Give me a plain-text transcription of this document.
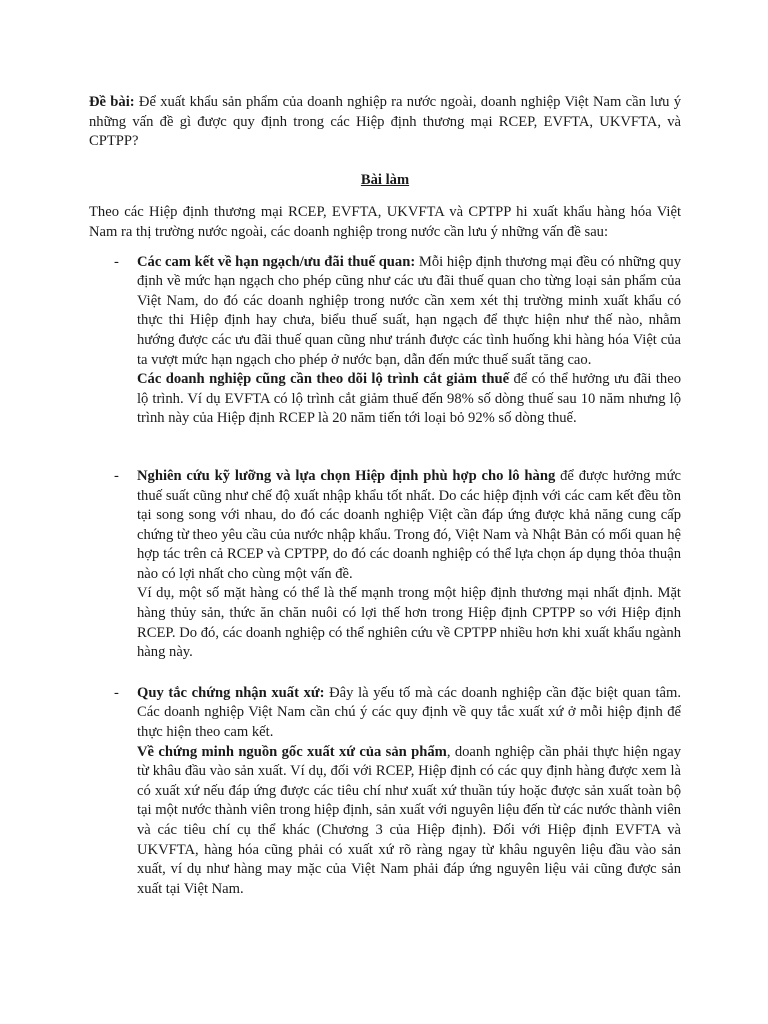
Đề bài: Để xuất khẩu sản phẩm của doanh nghiệp ra nước ngoài, doanh nghiệp Việt Nam cần lưu ý những vấn đề gì được quy định trong các Hiệp định thương mại RCEP, EVFTA, UKVFTA, và CPTPP?

Bài làm

Theo các Hiệp định thương mại RCEP, EVFTA, UKVFTA và CPTPP hi xuất khẩu hàng hóa Việt Nam ra thị trường nước ngoài, các doanh nghiệp trong nước cần lưu ý những vấn đề sau:

- Các cam kết về hạn ngạch/ưu đãi thuế quan: Mỗi hiệp định thương mại đều có những quy định về mức hạn ngạch cho phép cũng như các ưu đãi thuế quan cho từng loại sản phẩm của Việt Nam, do đó các doanh nghiệp trong nước cần xem xét thị trường minh xuất khẩu có thực thi Hiệp định hay chưa, biểu thuế suất, hạn ngạch để thực hiện như thế nào, nhằm hướng được các ưu đãi thuế quan cũng như tránh được các tình huống khi hàng hóa Việt của ta vượt mức hạn ngạch cho phép ở nước bạn, dẫn đến mức thuế suất tăng cao.

Các doanh nghiệp cũng cần theo dõi lộ trình cắt giảm thuế để có thể hưởng ưu đãi theo lộ trình. Ví dụ EVFTA có lộ trình cắt giảm thuế đến 98% số dòng thuế sau 10 năm nhưng lộ trình này của Hiệp định RCEP là 20 năm tiến tới loại bỏ 92% số dòng thuế.

- Nghiên cứu kỹ lưỡng và lựa chọn Hiệp định phù hợp cho lô hàng để được hưởng mức thuế suất cũng như chế độ xuất nhập khẩu tốt nhất. Do các hiệp định với các cam kết đều tồn tại song song với nhau, do đó các doanh nghiệp Việt cần đáp ứng được khả năng cung cấp chứng từ theo yêu cầu của nước nhập khẩu. Trong đó, Việt Nam và Nhật Bản có mối quan hệ hợp tác trên cả RCEP và CPTPP, do đó các doanh nghiệp có thể lựa chọn áp dụng thỏa thuận nào có lợi nhất cho cùng một vấn đề.

Ví dụ, một số mặt hàng có thể là thế mạnh trong một hiệp định thương mại nhất định. Mặt hàng thủy sản, thức ăn chăn nuôi có lợi thế hơn trong Hiệp định CPTPP so với Hiệp định RCEP. Do đó, các doanh nghiệp có thể nghiên cứu về CPTPP nhiều hơn khi xuất khẩu ngành hàng này.

- Quy tắc chứng nhận xuất xứ: Đây là yếu tố mà các doanh nghiệp cần đặc biệt quan tâm. Các doanh nghiệp Việt Nam cần chú ý các quy định về quy tắc xuất xứ ở mỗi hiệp định để thực hiện theo cam kết.

Về chứng minh nguồn gốc xuất xứ của sản phẩm, doanh nghiệp cần phải thực hiện ngay từ khâu đầu vào sản xuất. Ví dụ, đối với RCEP, Hiệp định có các quy định hàng được xem là có xuất xứ nếu đáp ứng được các tiêu chí như xuất xứ thuần túy hoặc được sản xuất toàn bộ tại một nước thành viên trong hiệp định, sản xuất với nguyên liệu đến từ các nước thành viên và các tiêu chí cụ thể khác (Chương 3 của Hiệp định). Đối với Hiệp định EVFTA và UKVFTA, hàng hóa cũng phải có xuất xứ rõ ràng ngay từ khâu nguyên liệu đầu vào sản xuất, ví dụ như hàng may mặc của Việt Nam phải đáp ứng nguyên liệu vải cũng được sản xuất tại Việt Nam.
